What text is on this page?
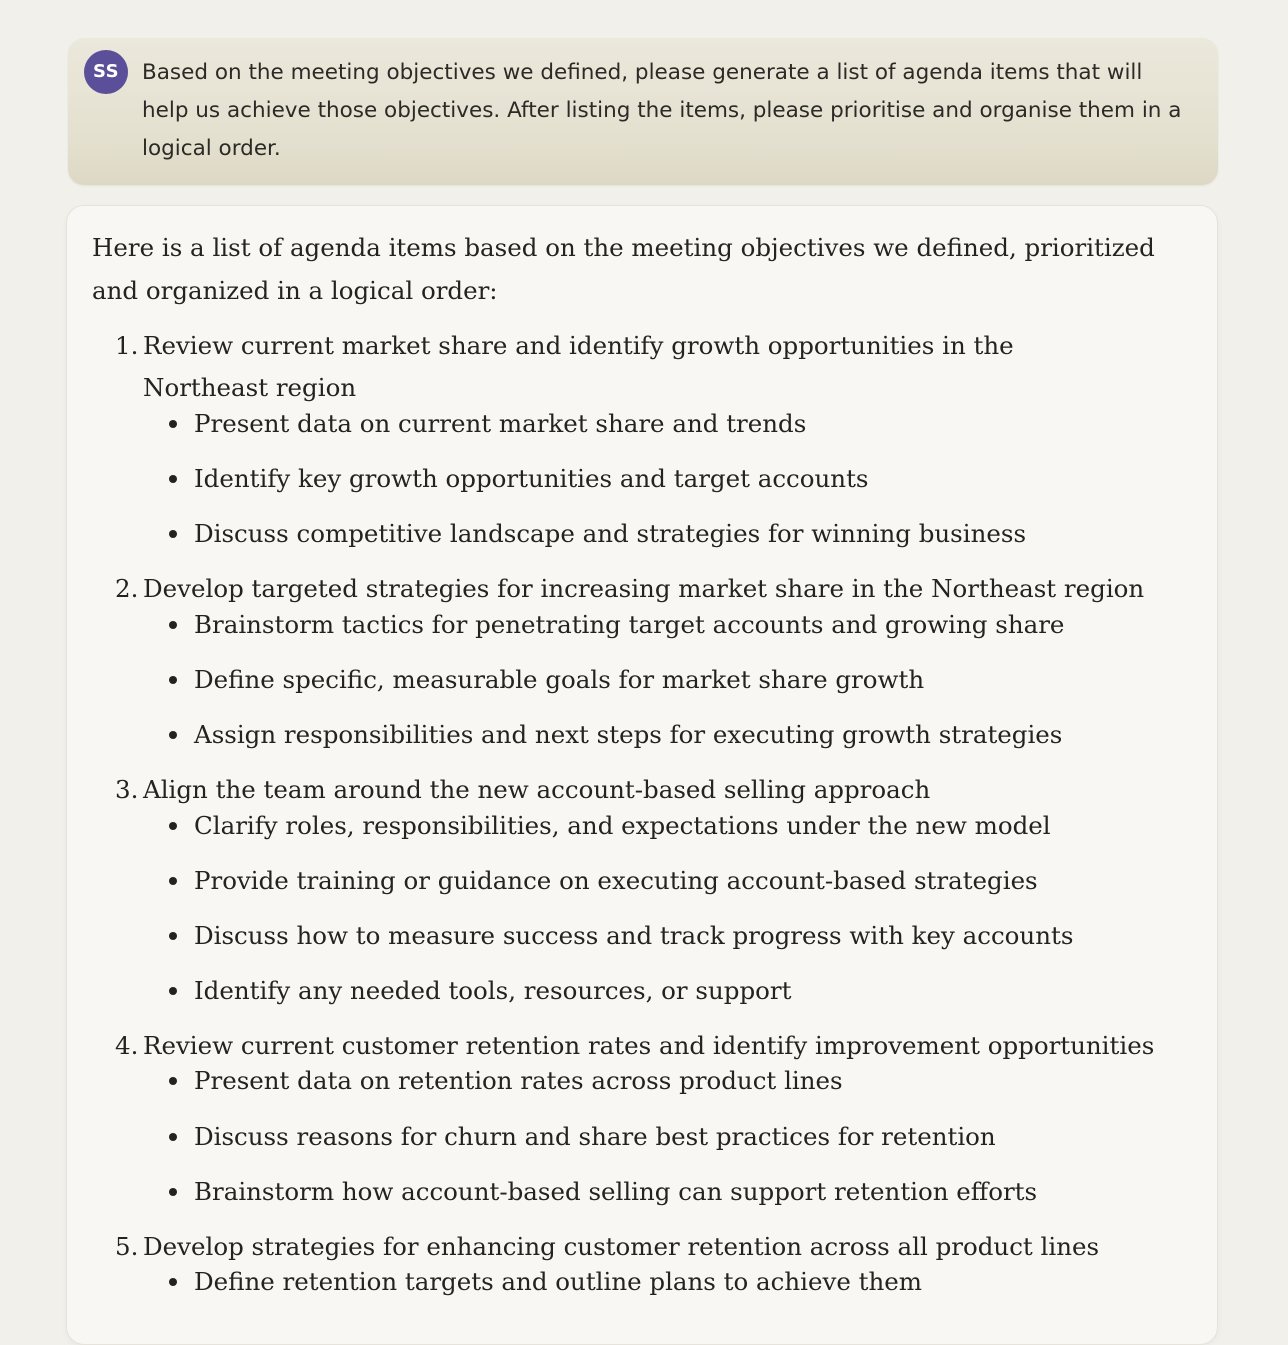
SS	Based on the meeting objectives we defined, please generate a list of agenda items that will help us achieve those objectives. After listing the items, please prioritise and organise them in a logical order.

Here is a list of agenda items based on the meeting objectives we defined, prioritized and organized in a logical order:

1. Review current market share and identify growth opportunities in the Northeast region
Present data on current market share and trends
Identify key growth opportunities and target accounts
Discuss competitive landscape and strategies for winning business
2. Develop targeted strategies for increasing market share in the Northeast region
Brainstorm tactics for penetrating target accounts and growing share
Define specific, measurable goals for market share growth
Assign responsibilities and next steps for executing growth strategies
3. Align the team around the new account-based selling approach
Clarify roles, responsibilities, and expectations under the new model
Provide training or guidance on executing account-based strategies
Discuss how to measure success and track progress with key accounts
Identify any needed tools, resources, or support
4. Review current customer retention rates and identify improvement opportunities
Present data on retention rates across product lines
Discuss reasons for churn and share best practices for retention
Brainstorm how account-based selling can support retention efforts
5. Develop strategies for enhancing customer retention across all product lines
Define retention targets and outline plans to achieve them
